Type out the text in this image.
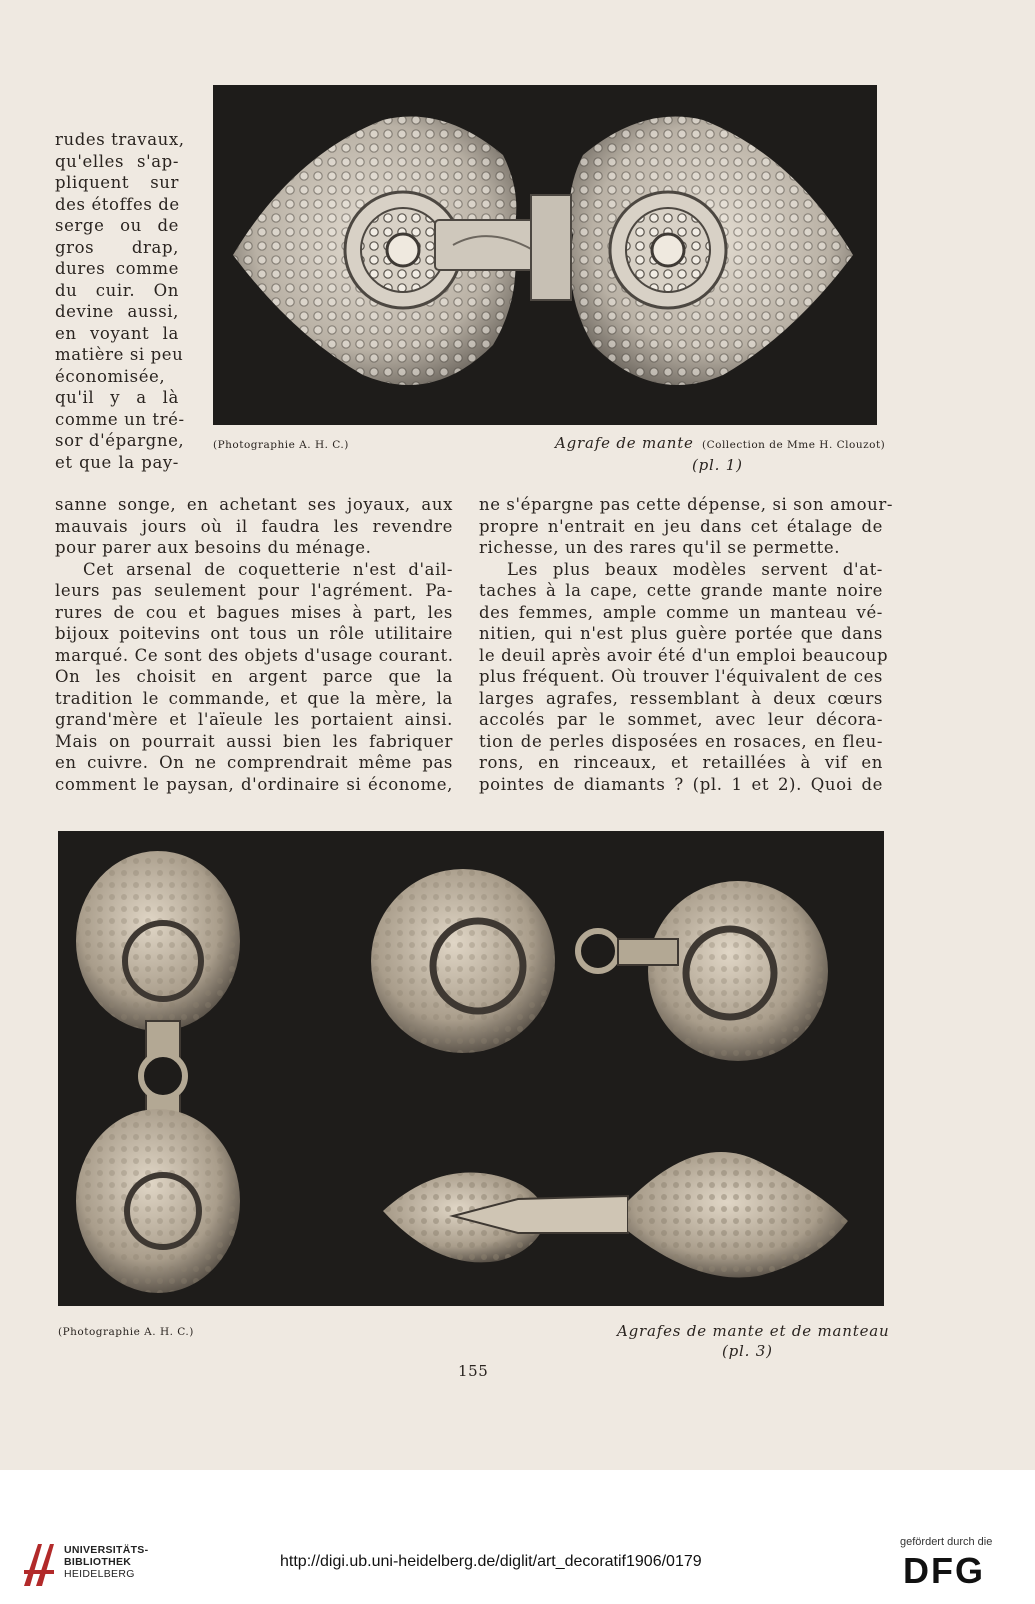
(Photographie A. H. C.)	Agrafe de mante (Collection de Mme H. Clouzot)
(pl. 1)
rudes travaux,
qu'elles s'ap-
pliquent sur
des étoffes de
serge ou de
gros drap,
dures comme
du cuir. On
devine aussi,
en voyant la
matière si peu
économisée,
qu'il y a là
comme un tré-
sor d'épargne,
et que la pay-
sanne songe, en achetant ses joyaux, aux
mauvais jours où il faudra les revendre
pour parer aux besoins du ménage.
Cet arsenal de coquetterie n'est d'ail-
leurs pas seulement pour l'agrément. Pa-
rures de cou et bagues mises à part, les
bijoux poitevins ont tous un rôle utilitaire
marqué. Ce sont des objets d'usage courant.
On les choisit en argent parce que la
tradition le commande, et que la mère, la
grand'mère et l'aïeule les portaient ainsi.
Mais on pourrait aussi bien les fabriquer
en cuivre. On ne comprendrait même pas
comment le paysan, d'ordinaire si économe,
ne s'épargne pas cette dépense, si son amour-
propre n'entrait en jeu dans cet étalage de
richesse, un des rares qu'il se permette.
Les plus beaux modèles servent d'at-
taches à la cape, cette grande mante noire
des femmes, ample comme un manteau vé-
nitien, qui n'est plus guère portée que dans
le deuil après avoir été d'un emploi beaucoup
plus fréquent. Où trouver l'équivalent de ces
larges agrafes, ressemblant à deux cœurs
accolés par le sommet, avec leur décora-
tion de perles disposées en rosaces, en fleu-
rons, en rinceaux, et retaillées à vif en
pointes de diamants ? (pl. 1 et 2). Quoi de
(Photographie A. H. C.)	Agrafes de mante et de manteau
(pl. 3)
155
UNIVERSITÄTS-
BIBLIOTHEK
HEIDELBERG
http://digi.ub.uni-heidelberg.de/diglit/art_decoratif1906/0179
gefördert durch die
DFG
